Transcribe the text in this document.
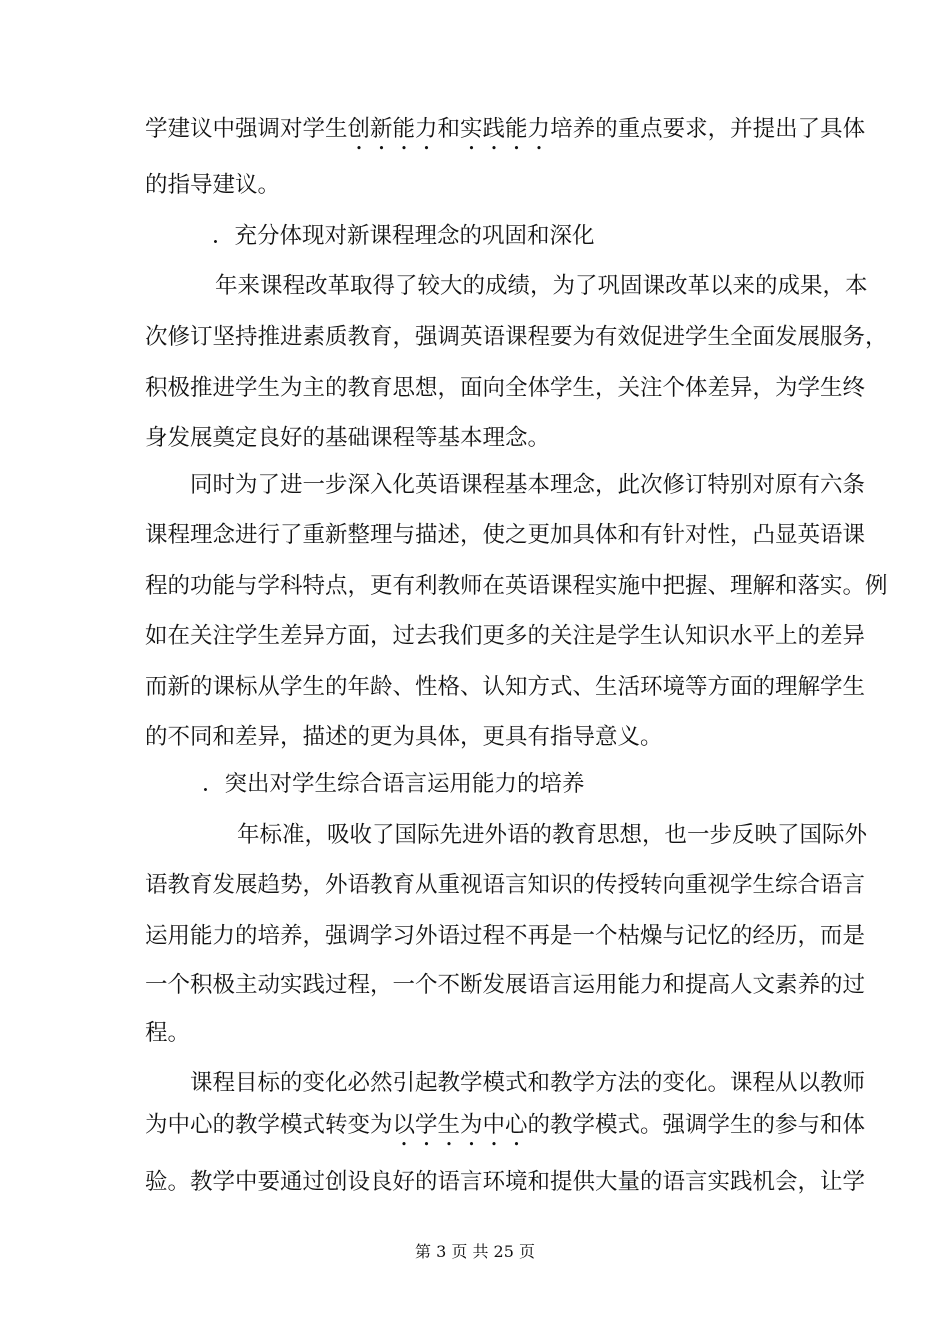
学建议中强调对学生创新能力和实践能力培养的重点要求，并提出了具体
的指导建议。
．充分体现对新课程理念的巩固和深化
年来课程改革取得了较大的成绩，为了巩固课改革以来的成果，本
次修订坚持推进素质教育，强调英语课程要为有效促进学生全面发展服务，
积极推进学生为主的教育思想，面向全体学生，关注个体差异，为学生终
身发展奠定良好的基础课程等基本理念。
同时为了进一步深入化英语课程基本理念，此次修订特别对原有六条
课程理念进行了重新整理与描述，使之更加具体和有针对性，凸显英语课
程的功能与学科特点，更有利教师在英语课程实施中把握、理解和落实。例
如在关注学生差异方面，过去我们更多的关注是学生认知识水平上的差异
而新的课标从学生的年龄、性格、认知方式、生活环境等方面的理解学生
的不同和差异，描述的更为具体，更具有指导意义。
．突出对学生综合语言运用能力的培养
年标准，吸收了国际先进外语的教育思想，也一步反映了国际外
语教育发展趋势，外语教育从重视语言知识的传授转向重视学生综合语言
运用能力的培养，强调学习外语过程不再是一个枯燥与记忆的经历，而是
一个积极主动实践过程，一个不断发展语言运用能力和提高人文素养的过
程。
课程目标的变化必然引起教学模式和教学方法的变化。课程从以教师
为中心的教学模式转变为以学生为中心的教学模式。强调学生的参与和体
验。教学中要通过创设良好的语言环境和提供大量的语言实践机会，让学
第 3 页 共 25 页
